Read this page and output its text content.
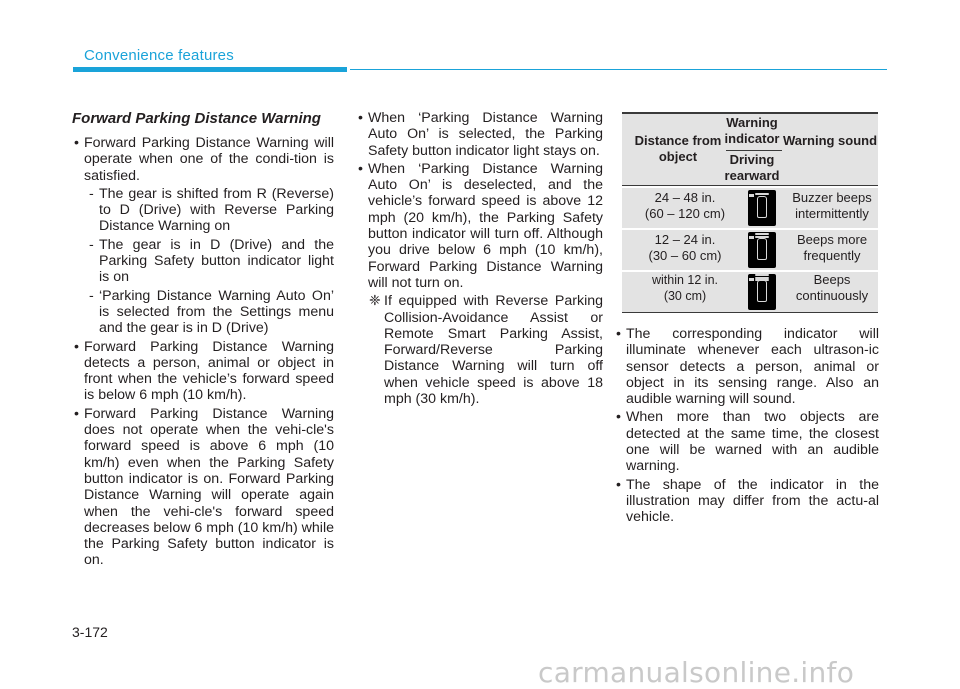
Convenience features
Forward Parking Distance Warning
• Forward Parking Distance Warning will operate when one of the condi-tion is satisfied.
- The gear is shifted from R (Reverse) to D (Drive) with Reverse Parking Distance Warning on
- The gear is in D (Drive) and the Parking Safety button indicator light is on
- ‘Parking Distance Warning Auto On’ is selected from the Settings menu and the gear is in D (Drive)
• Forward Parking Distance Warning detects a person, animal or object in front when the vehicle’s forward speed is below 6 mph (10 km/h).
• Forward Parking Distance Warning does not operate when the vehi-cle's forward speed is above 6 mph (10 km/h) even when the Parking Safety button indicator is on. Forward Parking Distance Warning will operate again when the vehi-cle's forward speed decreases below 6 mph (10 km/h) while the Parking Safety button indicator is on.
• When ‘Parking Distance Warning Auto On’ is selected, the Parking Safety button indicator light stays on.
• When ‘Parking Distance Warning Auto On’ is deselected, and the vehicle’s forward speed is above 12 mph (20 km/h), the Parking Safety button indicator will turn off. Although you drive below 6 mph (10 km/h), Forward Parking Distance Warning will not turn on.
❈ If equipped with Reverse Parking Collision-Avoidance Assist or Remote Smart Parking Assist, Forward/Reverse Parking Distance Warning will turn off when vehicle speed is above 18 mph (30 km/h).
Distance from object
Warning indicator
Driving rearward
Warning sound
24 – 48 in.
(60 – 120 cm)
Buzzer beeps
intermittently
12 – 24 in.
(30 – 60 cm)
Beeps more
frequently
within 12 in.
(30 cm)
Beeps
continuously
• The corresponding indicator will illuminate whenever each ultrason-ic sensor detects a person, animal or object in its sensing range. Also an audible warning will sound.
• When more than two objects are detected at the same time, the closest one will be warned with an audible warning.
• The shape of the indicator in the illustration may differ from the actu-al vehicle.
3-172
carmanualsonline.info
